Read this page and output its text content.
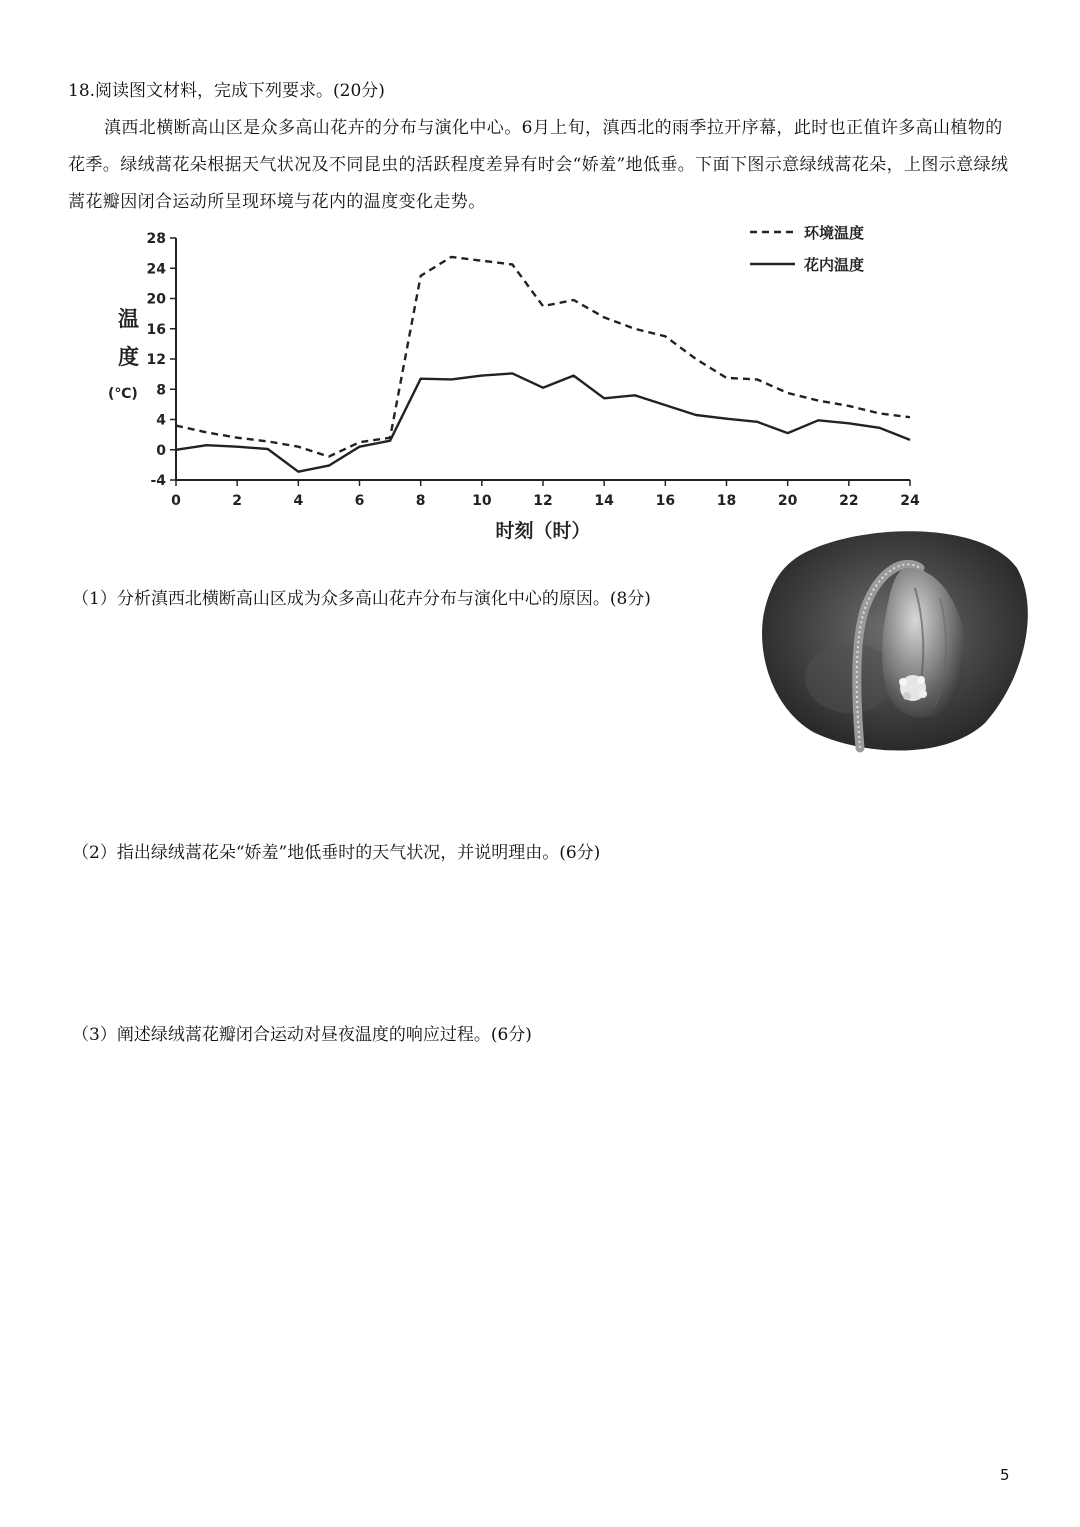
18.阅读图文材料，完成下列要求。(20分)
滇西北横断高山区是众多高山花卉的分布与演化中心。6月上旬，滇西北的雨季拉开序幕，此时也正值许多高山植物的花季。绿绒蒿花朵根据天气状况及不同昆虫的活跃程度差异有时会“娇羞”地低垂。下面下图示意绿绒蒿花朵，上图示意绿绒蒿花瓣因闭合运动所呈现环境与花内的温度变化走势。
-4
0
4
8
12
16
20
24
28
0	2	4	6	8	10	12	14	16	18	20	22	24
温
度
(℃)
时刻（时）
环境温度
花内温度
（1）分析滇西北横断高山区成为众多高山花卉分布与演化中心的原因。(8分)
（2）指出绿绒蒿花朵“娇羞”地低垂时的天气状况，并说明理由。(6分)
（3）阐述绿绒蒿花瓣闭合运动对昼夜温度的响应过程。(6分)
5
